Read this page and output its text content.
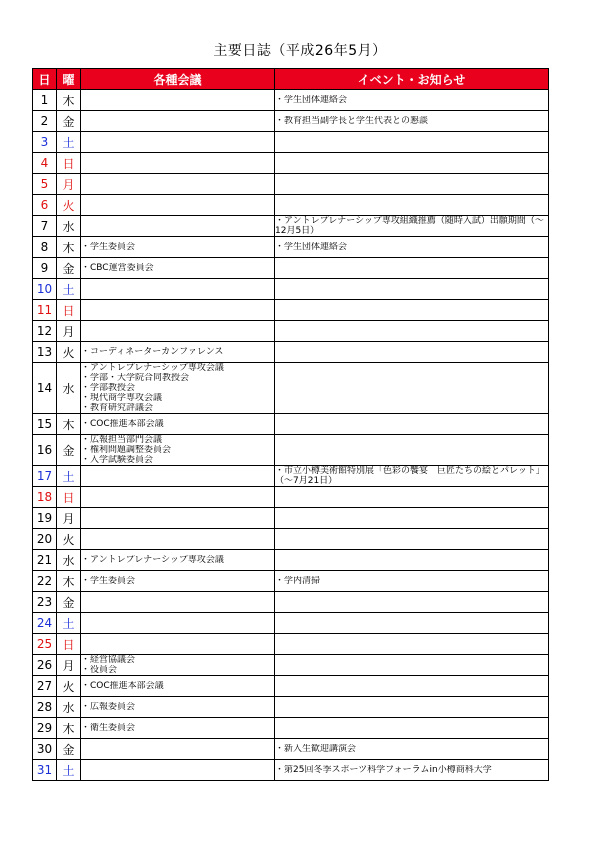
主要日誌（平成26年5月）
日	曜	各種会議	イベント・お知らせ
1	木		・学生団体連絡会

2	金		・教育担当副学長と学生代表との懇談

3	土		
4	日		
5	月		
6	火		
7	水		・アントレプレナーシップ専攻組織推薦（随時入試）出願期間（～12月5日）

8	木	・学生委員会	・学生団体連絡会

9	金	・CBC運営委員会	

10	土		
11	日		
12	月		
13	火	・コーディネーターカンファレンス	

14	水	・アントレプレナーシップ専攻会議
・学部・大学院合同教授会
・学部教授会
・現代商学専攻会議
・教育研究評議会	

15	木	・COC推進本部会議	

16	金	・広報担当部門会議
・権利問題調整委員会
・入学試験委員会	

17	土		・市立小樽美術館特別展「色彩の饗宴　巨匠たちの絵とパレット」（～7月21日）

18	日		
19	月		
20	火		
21	水	・アントレプレナーシップ専攻会議	

22	木	・学生委員会	・学内清掃

23	金		
24	土		
25	日		
26	月	・経営協議会
・役員会	

27	火	・COC推進本部会議	

28	水	・広報委員会	

29	木	・衛生委員会	

30	金		・新入生歓迎講演会

31	土		・第25回冬季スポーツ科学フォーラムin小樽商科大学
